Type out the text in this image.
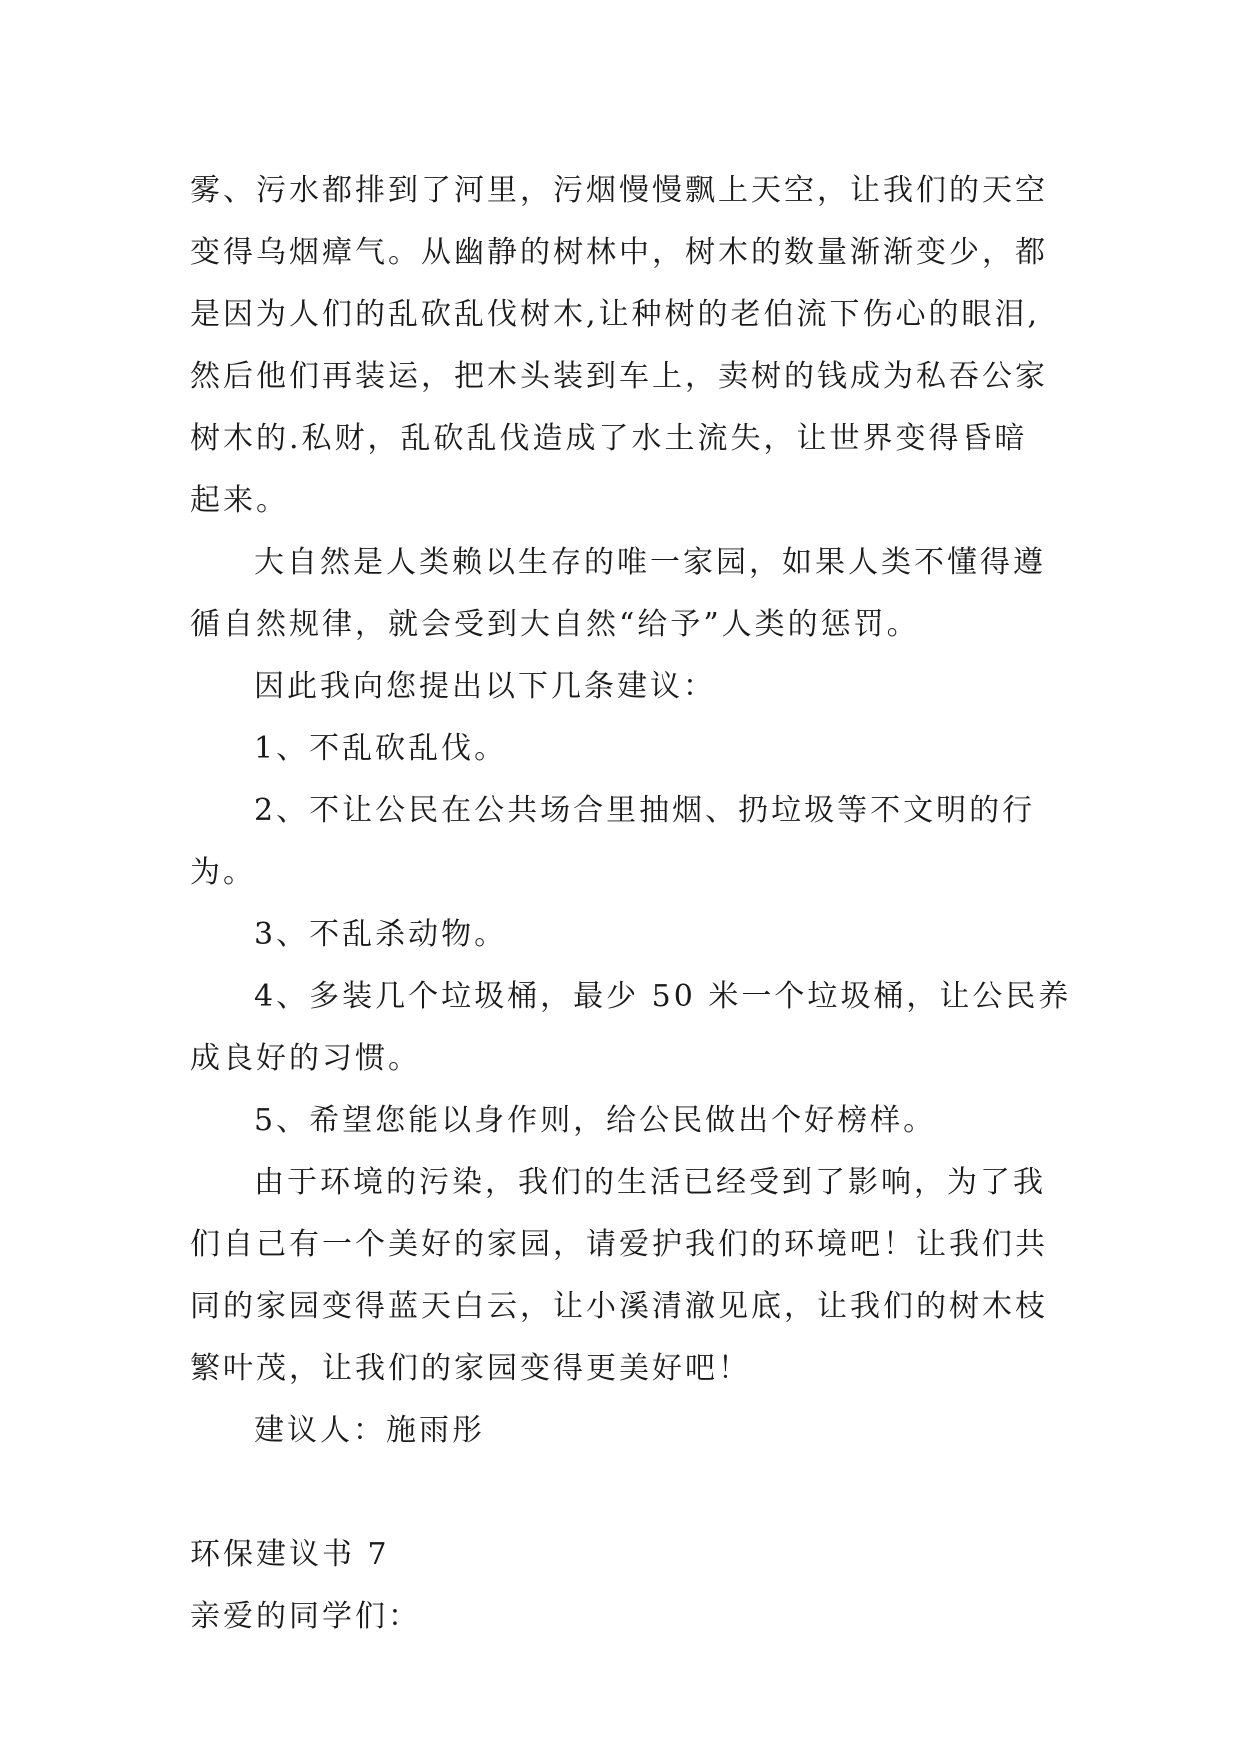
雾、污水都排到了河里，污烟慢慢飘上天空，让我们的天空
变得乌烟瘴气。从幽静的树林中，树木的数量渐渐变少，都
是因为人们的乱砍乱伐树木,让种树的老伯流下伤心的眼泪,
然后他们再装运，把木头装到车上，卖树的钱成为私吞公家
树木的.私财，乱砍乱伐造成了水土流失，让世界变得昏暗
起来。
大自然是人类赖以生存的唯一家园，如果人类不懂得遵
循自然规律，就会受到大自然“给予”人类的惩罚。
因此我向您提出以下几条建议：
1、不乱砍乱伐。
2、不让公民在公共场合里抽烟、扔垃圾等不文明的行
为。
3、不乱杀动物。
4、多装几个垃圾桶，最少 50 米一个垃圾桶，让公民养
成良好的习惯。
5、希望您能以身作则，给公民做出个好榜样。
由于环境的污染，我们的生活已经受到了影响，为了我
们自己有一个美好的家园，请爱护我们的环境吧！让我们共
同的家园变得蓝天白云，让小溪清澈见底，让我们的树木枝
繁叶茂，让我们的家园变得更美好吧！
建议人：施雨彤
环保建议书 7
亲爱的同学们：
